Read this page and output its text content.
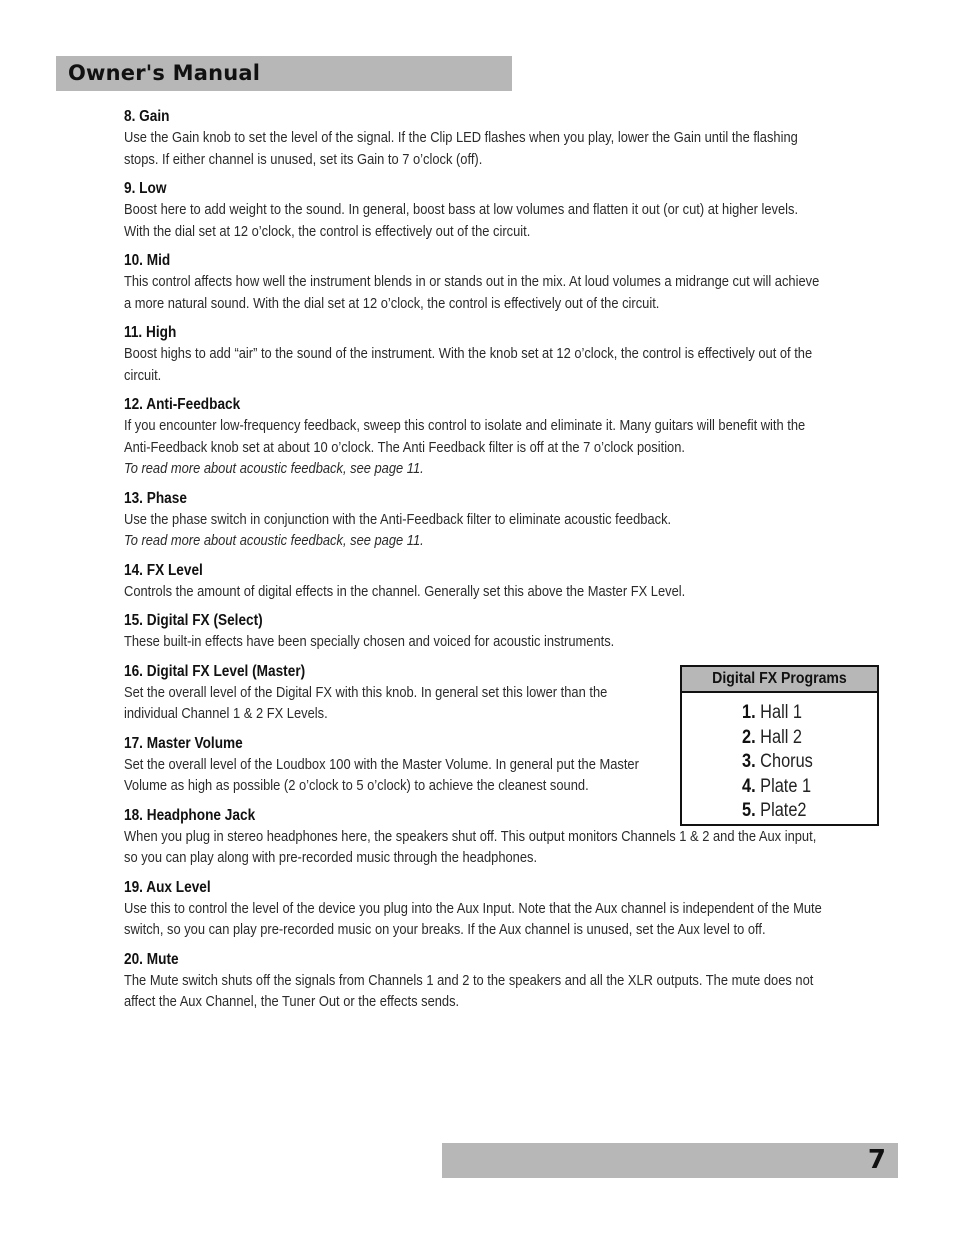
Owner's Manual
8. Gain
Use the Gain knob to set the level of the signal. If the Clip LED flashes when you play, lower the Gain until the flashing stops. If either channel is unused, set its Gain to 7 o’clock (off).
9. Low
Boost here to add weight to the sound. In general, boost bass at low volumes and flatten it out (or cut) at higher levels. With the dial set at 12 o’clock, the control is effectively out of the circuit.
10. Mid
This control affects how well the instrument blends in or stands out in the mix. At loud volumes a midrange cut will achieve a more natural sound. With the dial set at 12 o’clock, the control is effectively out of the circuit.
11. High
Boost highs to add “air” to the sound of the instrument. With the knob set at 12 o’clock, the control is effectively out of the circuit.
12. Anti-Feedback
If you encounter low-frequency feedback, sweep this control to isolate and eliminate it. Many guitars will benefit with the Anti-Feedback knob set at about 10 o’clock. The Anti Feedback filter is off at the 7 o’clock position.
To read more about acoustic feedback, see page 11.
13. Phase
Use the phase switch in conjunction with the Anti-Feedback filter to eliminate acoustic feedback.
To read more about acoustic feedback, see page 11.
14. FX Level
Controls the amount of digital effects in the channel. Generally set this above the Master FX Level.
15. Digital FX (Select)
These built-in effects have been specially chosen and voiced for acoustic instruments.
16. Digital FX Level (Master)
Set the overall level of the Digital FX with this knob. In general set this lower than the individual Channel 1 & 2 FX Levels.
17. Master Volume
Set the overall level of the Loudbox 100 with the Master Volume. In general put the Master Volume as high as possible (2 o’clock to 5 o’clock) to achieve the cleanest sound.
18. Headphone Jack
When you plug in stereo headphones here, the speakers shut off. This output monitors Channels 1 & 2 and the Aux input, so you can play along with pre-recorded music through the headphones.
19. Aux Level
Use this to control the level of the device you plug into the Aux Input. Note that the Aux channel is independent of the Mute switch, so you can play pre-recorded music on your breaks. If the Aux channel is unused, set the Aux level to off.
20. Mute
The Mute switch shuts off the signals from Channels 1 and 2 to the speakers and all the XLR outputs. The mute does not affect the Aux Channel, the Tuner Out or the effects sends.
Digital FX Programs
1. Hall 1
2. Hall 2
3. Chorus
4. Plate 1
5. Plate2
7
